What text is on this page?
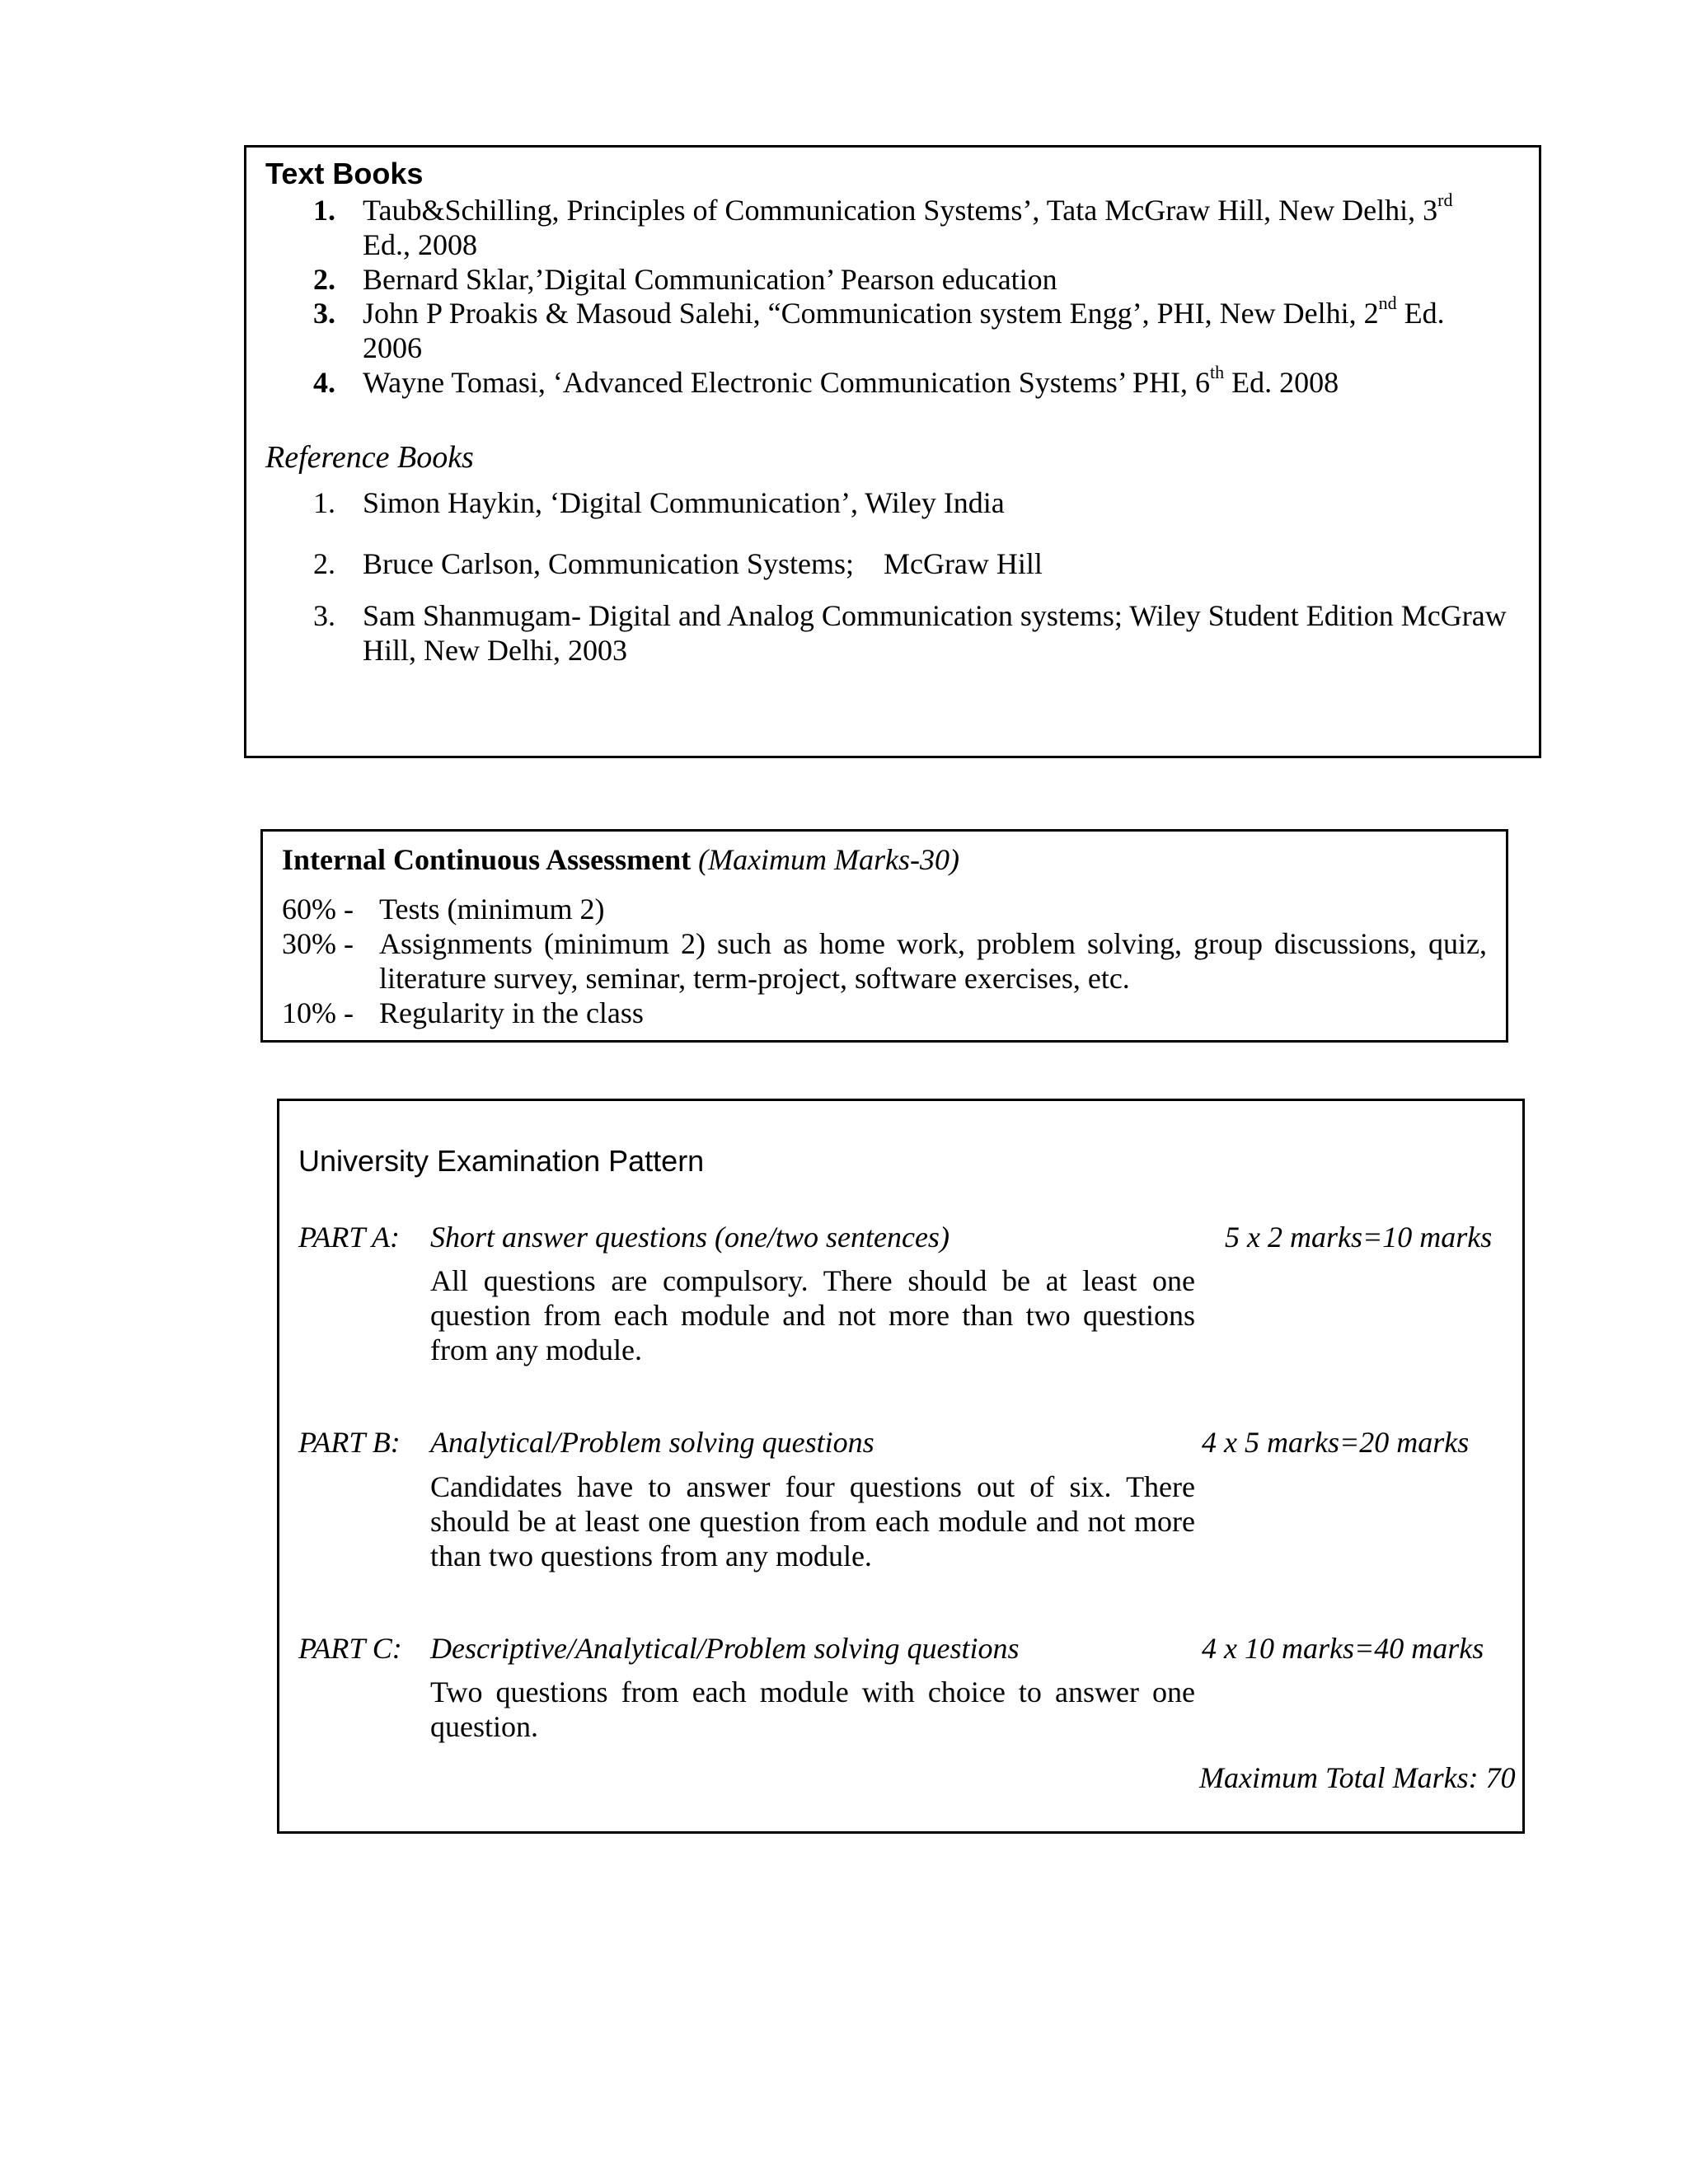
Text Books
1. Taub&Schilling, Principles of Communication Systems’, Tata McGraw Hill, New Delhi, 3rd
Ed., 2008
2. Bernard Sklar,’Digital Communication’ Pearson education
3. John P Proakis & Masoud Salehi, “Communication system Engg’, PHI, New Delhi, 2nd Ed.
2006
4. Wayne Tomasi, ‘Advanced Electronic Communication Systems’ PHI, 6th Ed. 2008
Reference Books
1. Simon Haykin, ‘Digital Communication’, Wiley India
2. Bruce Carlson, Communication Systems;    McGraw Hill
3. Sam Shanmugam- Digital and Analog Communication systems; Wiley Student Edition McGraw
Hill, New Delhi, 2003
Internal Continuous Assessment (Maximum Marks-30)
60% - Tests (minimum 2)
30% - Assignments (minimum 2) such as home work, problem solving, group discussions, quiz,
literature survey, seminar, term-project, software exercises, etc.
10% - Regularity in the class
Maximum Total Marks: 70
University Examination Pattern
PART A: Short answer questions (one/two sentences)	5 x 2 marks=10 marks
All questions are compulsory. There should be at least one
question from each module and not more than two questions
from any module.
PART B: Analytical/Problem solving questions	4 x 5 marks=20 marks
Candidates have to answer four questions out of six. There
should be at least one question from each module and not more
than two questions from any module.
PART C: Descriptive/Analytical/Problem solving questions	4 x 10 marks=40 marks
Two questions from each module with choice to answer one
question.
